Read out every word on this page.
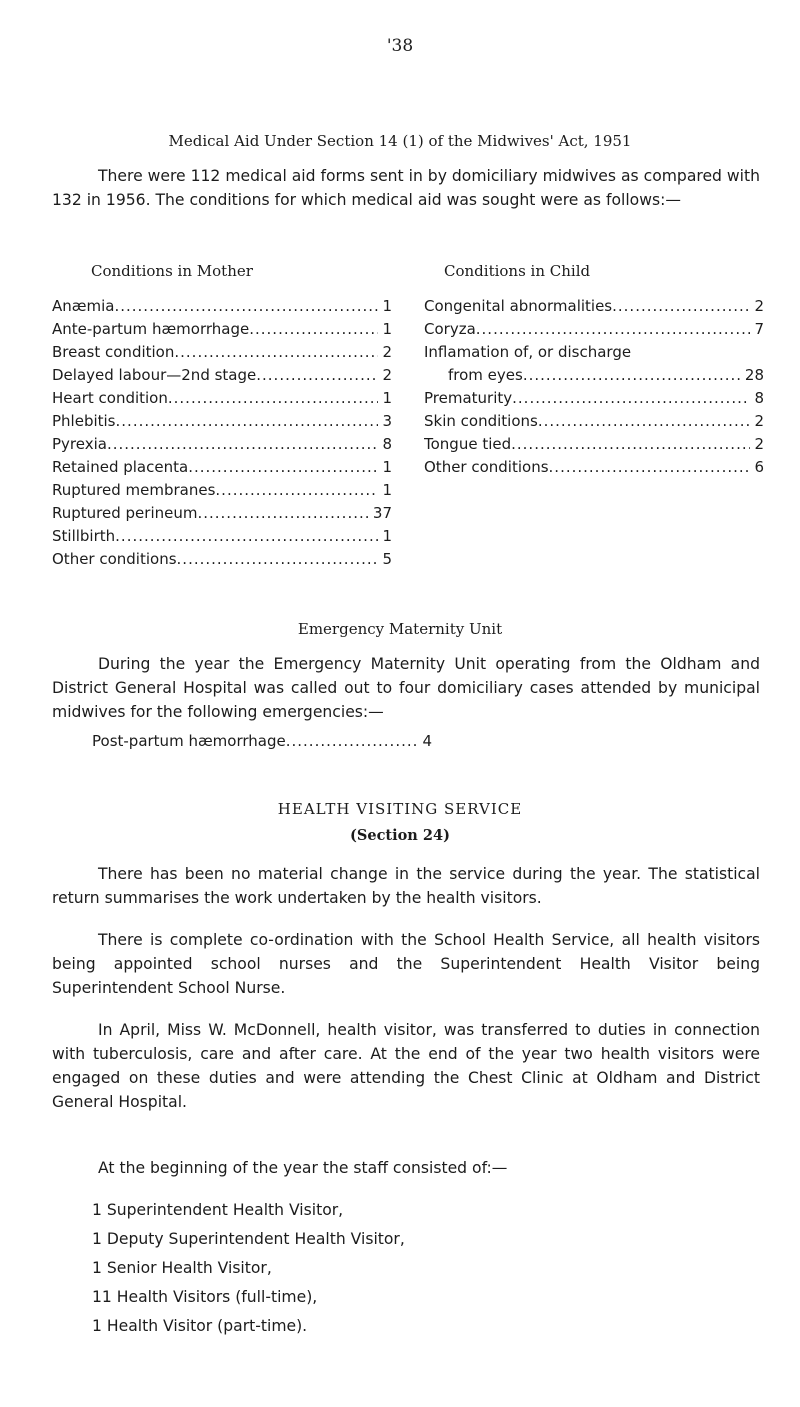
'38
Medical Aid Under Section 14 (1) of the Midwives' Act, 1951

There were 112 medical aid forms sent in by domiciliary midwives as compared with 132 in 1956. The conditions for which medical aid was sought were as follows:—

Conditions in Mother	Conditions in Child
Anæmia .....	1
Ante-partum hæmorrhage .....	1
Breast condition .....	2
Delayed labour—2nd stage .....	2
Heart condition .....	1
Phlebitis .....	3
Pyrexia .....	8
Retained placenta .....	1
Ruptured membranes .....	1
Ruptured perineum .....	37
Stillbirth .....	1
Other conditions .....	5
Congenital abnormalities .....	2
Coryza .....	7
Inflamation of, or discharge
from eyes .....	28
Prematurity .....	8
Skin conditions .....	2
Tongue tied .....	2
Other conditions .....	6
Emergency Maternity Unit

During the year the Emergency Maternity Unit operating from the Oldham and District General Hospital was called out to four domiciliary cases attended by municipal midwives for the following emergencies:—

Post-partum hæmorrhage .....	4
HEALTH VISITING SERVICE
(Section 24)

There has been no material change in the service during the year. The statistical return summarises the work undertaken by the health visitors.

There is complete co-ordination with the School Health Service, all health visitors being appointed school nurses and the Superintendent Health Visitor being Superintendent School Nurse.

In April, Miss W. McDonnell, health visitor, was transferred to duties in connection with tuberculosis, care and after care. At the end of the year two health visitors were engaged on these duties and were attending the Chest Clinic at Oldham and District General Hospital.

At the beginning of the year the staff consisted of:—

1 Superintendent Health Visitor,
1 Deputy Superintendent Health Visitor,
1 Senior Health Visitor,
11 Health Visitors (full-time),
1 Health Visitor (part-time).
